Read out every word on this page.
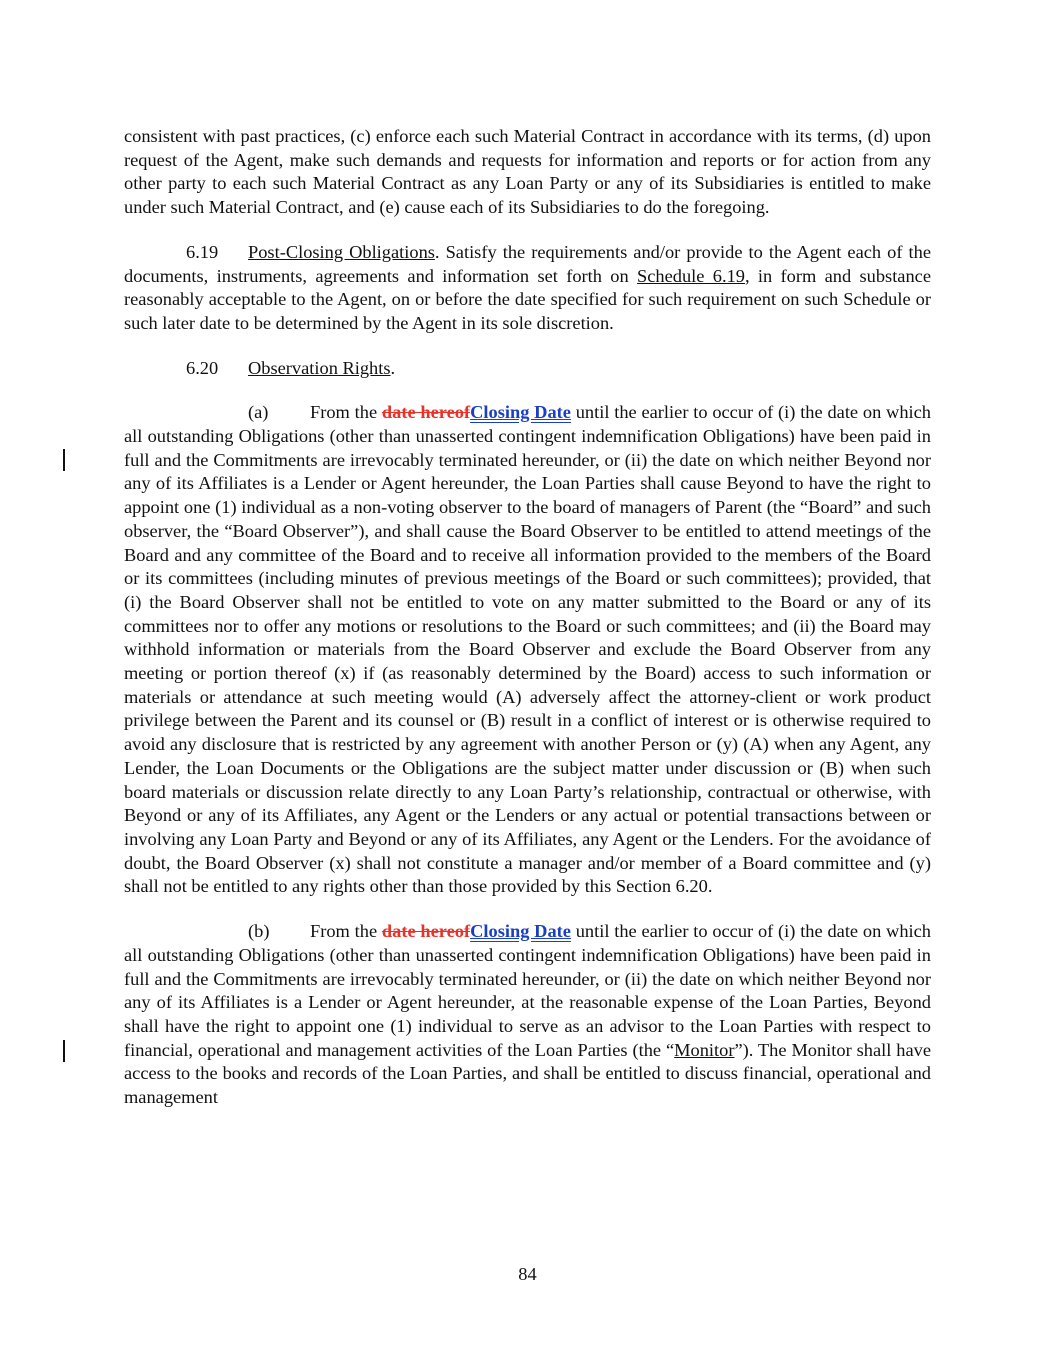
consistent with past practices, (c) enforce each such Material Contract in accordance with its terms, (d) upon request of the Agent, make such demands and requests for information and reports or for action from any other party to each such Material Contract as any Loan Party or any of its Subsidiaries is entitled to make under such Material Contract, and (e) cause each of its Subsidiaries to do the foregoing.

6.19 Post-Closing Obligations. Satisfy the requirements and/or provide to the Agent each of the documents, instruments, agreements and information set forth on Schedule 6.19, in form and substance reasonably acceptable to the Agent, on or before the date specified for such requirement on such Schedule or such later date to be determined by the Agent in its sole discretion.

6.20 Observation Rights.

(a) From the date hereofClosing Date until the earlier to occur of (i) the date on which all outstanding Obligations (other than unasserted contingent indemnification Obligations) have been paid in full and the Commitments are irrevocably terminated hereunder, or (ii) the date on which neither Beyond nor any of its Affiliates is a Lender or Agent hereunder, the Loan Parties shall cause Beyond to have the right to appoint one (1) individual as a non-voting observer to the board of managers of Parent (the “Board” and such observer, the “Board Observer”), and shall cause the Board Observer to be entitled to attend meetings of the Board and any committee of the Board and to receive all information provided to the members of the Board or its committees (including minutes of previous meetings of the Board or such committees); provided, that (i) the Board Observer shall not be entitled to vote on any matter submitted to the Board or any of its committees nor to offer any motions or resolutions to the Board or such committees; and (ii) the Board may withhold information or materials from the Board Observer and exclude the Board Observer from any meeting or portion thereof (x) if (as reasonably determined by the Board) access to such information or materials or attendance at such meeting would (A) adversely affect the attorney-client or work product privilege between the Parent and its counsel or (B) result in a conflict of interest or is otherwise required to avoid any disclosure that is restricted by any agreement with another Person or (y) (A) when any Agent, any Lender, the Loan Documents or the Obligations are the subject matter under discussion or (B) when such board materials or discussion relate directly to any Loan Party’s relationship, contractual or otherwise, with Beyond or any of its Affiliates, any Agent or the Lenders or any actual or potential transactions between or involving any Loan Party and Beyond or any of its Affiliates, any Agent or the Lenders. For the avoidance of doubt, the Board Observer (x) shall not constitute a manager and/or member of a Board committee and (y) shall not be entitled to any rights other than those provided by this Section 6.20.

(b) From the date hereofClosing Date until the earlier to occur of (i) the date on which all outstanding Obligations (other than unasserted contingent indemnification Obligations) have been paid in full and the Commitments are irrevocably terminated hereunder, or (ii) the date on which neither Beyond nor any of its Affiliates is a Lender or Agent hereunder, at the reasonable expense of the Loan Parties, Beyond shall have the right to appoint one (1) individual to serve as an advisor to the Loan Parties with respect to financial, operational and management activities of the Loan Parties (the “Monitor”). The Monitor shall have access to the books and records of the Loan Parties, and shall be entitled to discuss financial, operational and management

84
